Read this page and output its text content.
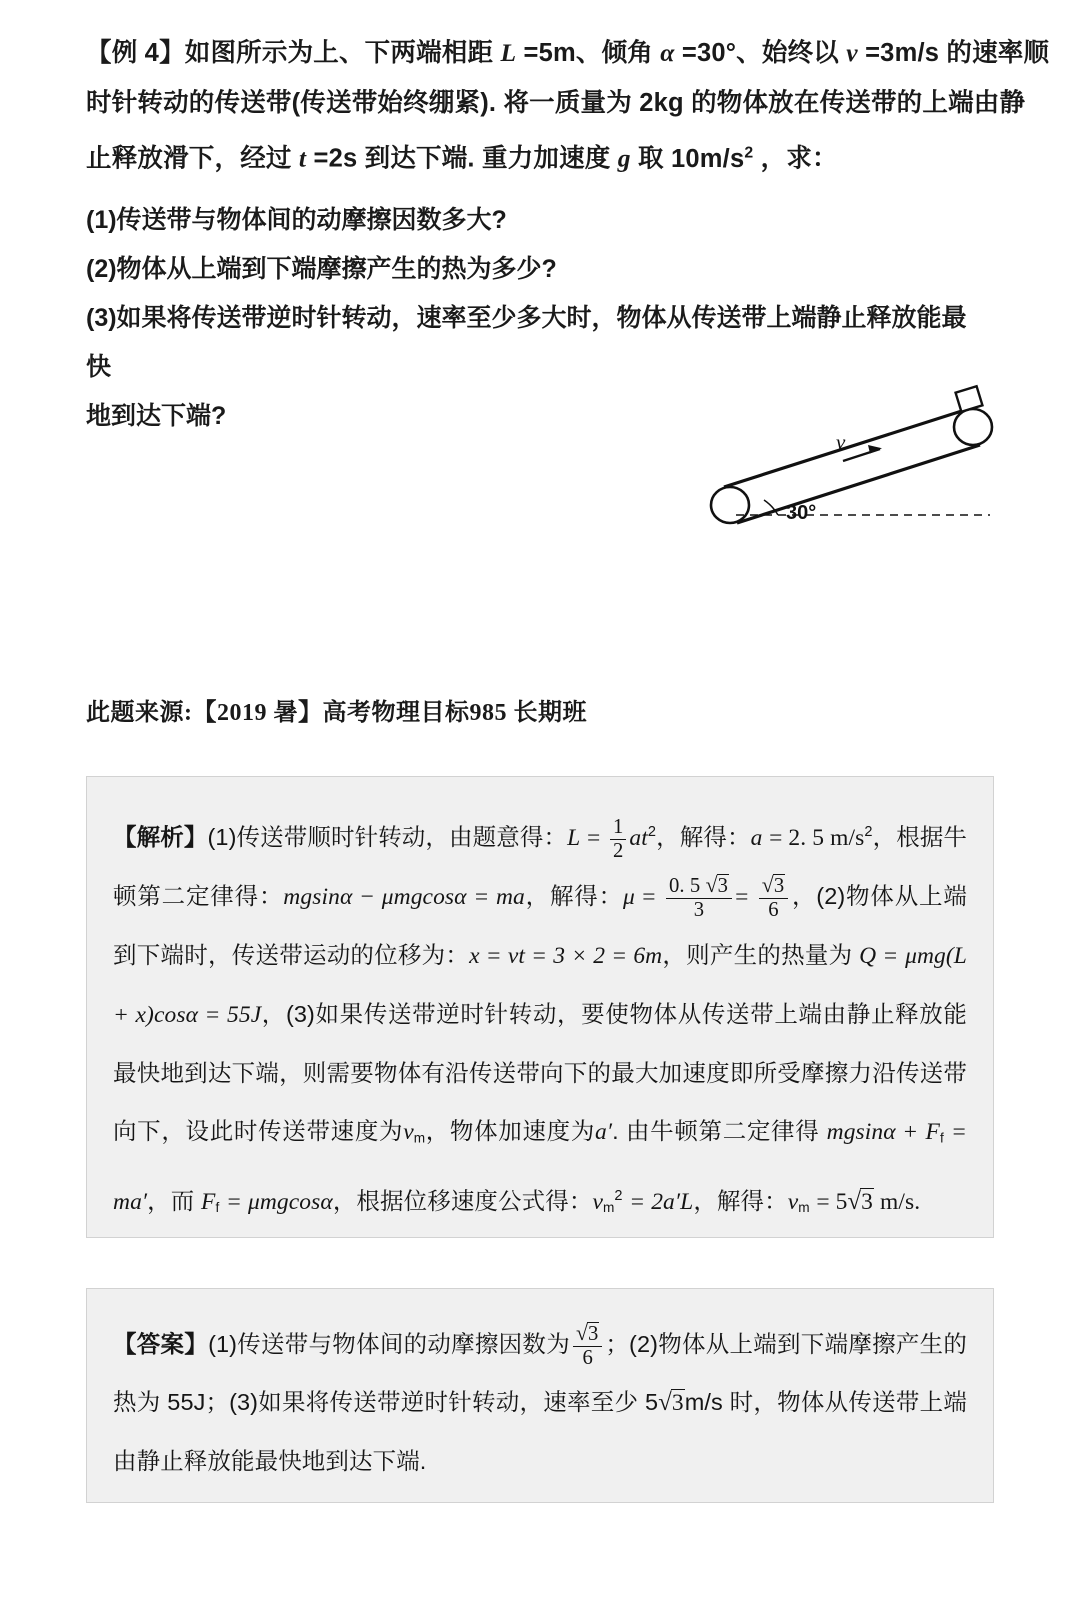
【例 4】如图所示为上、下两端相距 L =5m、倾角 α =30°、始终以 v =3m/s 的速率顺
时针转动的传送带(传送带始终绷紧). 将一质量为 2kg 的物体放在传送带的上端由静
止释放滑下，经过 t =2s 到达下端. 重力加速度 g 取 $10m/s^2$ ，求：
(1)传送带与物体间的动摩擦因数多大?
(2)物体从上端到下端摩擦产生的热为多少?
(3)如果将传送带逆时针转动，速率至少多大时，物体从传送带上端静止释放能最快
地到达下端?
v
30°
此题来源:【2019 暑】高考物理目标985 长期班
【解析】(1)传送带顺时针转动，由题意得：$L = \frac{1}{2} at^2$，解得：a = 2. 5 $m/s^2$，根据牛顿第二定律得：mgsinα − μmgcosα = ma，解得：$\mu = \frac{0. 5 √3}{3} = \frac{√3}{6}$ ，(2)物体从上端到下端时，传送带运动的位移为：x = vt = 3 × 2 = 6m，则产生的热量为 Q = μmg(L + x)cosα = 55J，(3)如果传送带逆时针转动，要使物体从传送带上端由静止释放能最快地到达下端，则需要物体有沿传送带向下的最大加速度即所受摩擦力沿传送带向下，设此时传送带速度为$v_m$，物体加速度为a′. 由牛顿第二定律得 $mgsin\alpha + F_f = ma'$，而 $F_f = \mu mgcos\alpha$，根据位移速度公式得：$v_m^2 = 2a'L$，解得：$v_m = 5√3$ m/s.
【答案】(1)传送带与物体间的动摩擦因数为 $\frac{√3}{6}$ ；(2)物体从上端到下端摩擦产生的热为 55J；(3)如果将传送带逆时针转动，速率至少 5√3m/s 时，物体从传送带上端由静止释放能最快地到达下端.
